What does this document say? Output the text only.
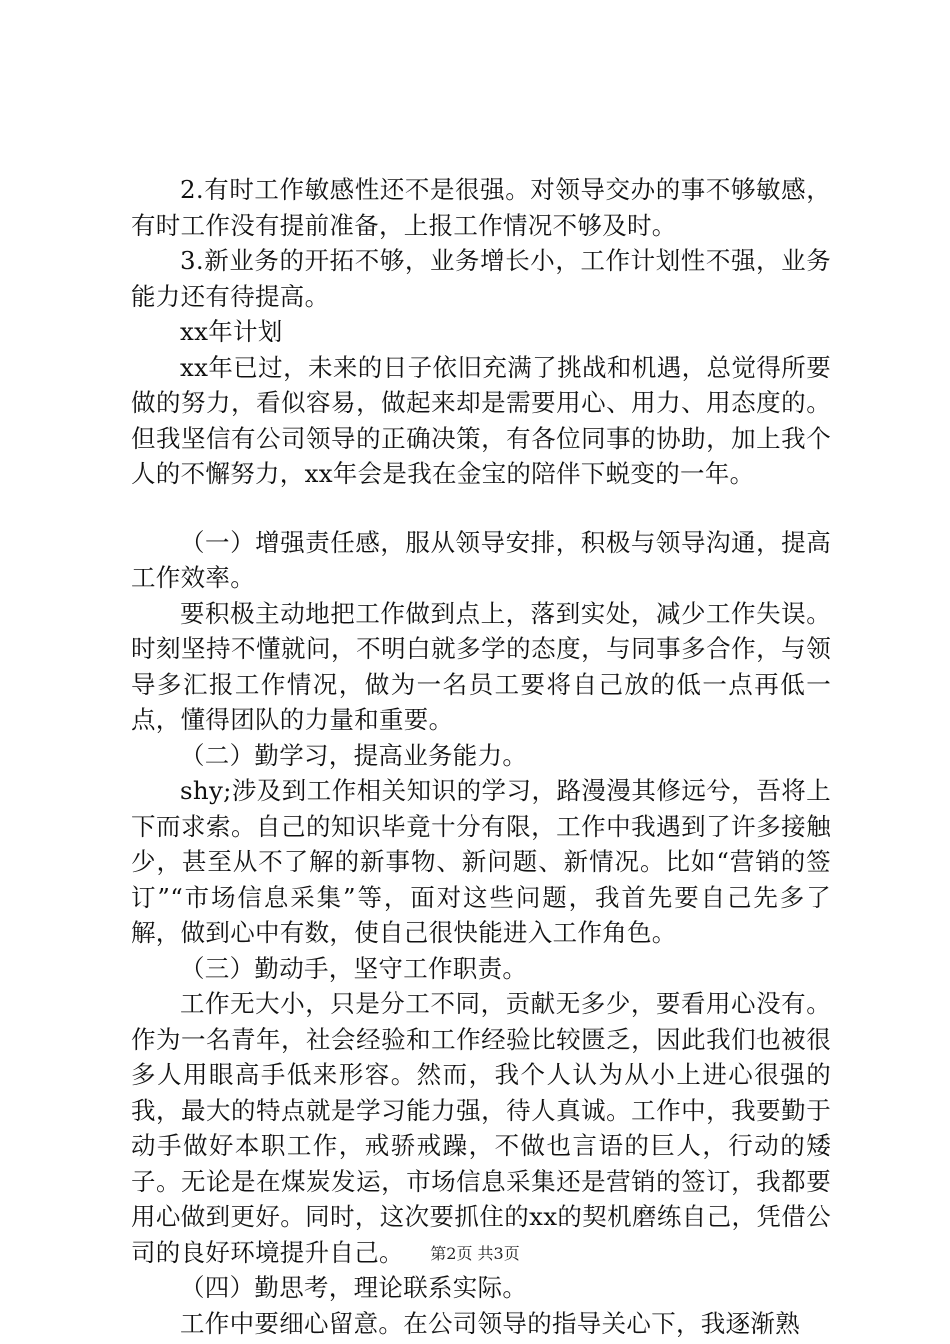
2.有时工作敏感性还不是很强。对领导交办的事不够敏感，有时工作没有提前准备，上报工作情况不够及时。

3.新业务的开拓不够，业务增长小，工作计划性不强，业务能力还有待提高。

xx年计划

xx年已过，未来的日子依旧充满了挑战和机遇，总觉得所要做的努力，看似容易，做起来却是需要用心、用力、用态度的。但我坚信有公司领导的正确决策，有各位同事的协助，加上我个人的不懈努力，xx年会是我在金宝的陪伴下蜕变的一年。

（一）增强责任感，服从领导安排，积极与领导沟通，提高工作效率。

要积极主动地把工作做到点上，落到实处，减少工作失误。时刻坚持不懂就问，不明白就多学的态度，与同事多合作，与领导多汇报工作情况，做为一名员工要将自己放的低一点再低一点，懂得团队的力量和重要。

（二）勤学习，提高业务能力。

shy;涉及到工作相关知识的学习，路漫漫其修远兮，吾将上下而求索。自己的知识毕竟十分有限，工作中我遇到了许多接触少，甚至从不了解的新事物、新问题、新情况。比如“营销的签订”“市场信息采集”等，面对这些问题，我首先要自己先多了解，做到心中有数，使自己很快能进入工作角色。

（三）勤动手，坚守工作职责。

工作无大小，只是分工不同，贡献无多少，要看用心没有。作为一名青年，社会经验和工作经验比较匮乏，因此我们也被很多人用眼高手低来形容。然而，我个人认为从小上进心很强的我，最大的特点就是学习能力强，待人真诚。工作中，我要勤于动手做好本职工作，戒骄戒躁，不做也言语的巨人，行动的矮子。无论是在煤炭发运，市场信息采集还是营销的签订，我都要用心做到更好。同时，这次要抓住的xx的契机磨练自己，凭借公司的良好环境提升自己。

（四）勤思考，理论联系实际。

工作中要细心留意。在公司领导的指导关心下，我逐渐熟

第2页 共3页
